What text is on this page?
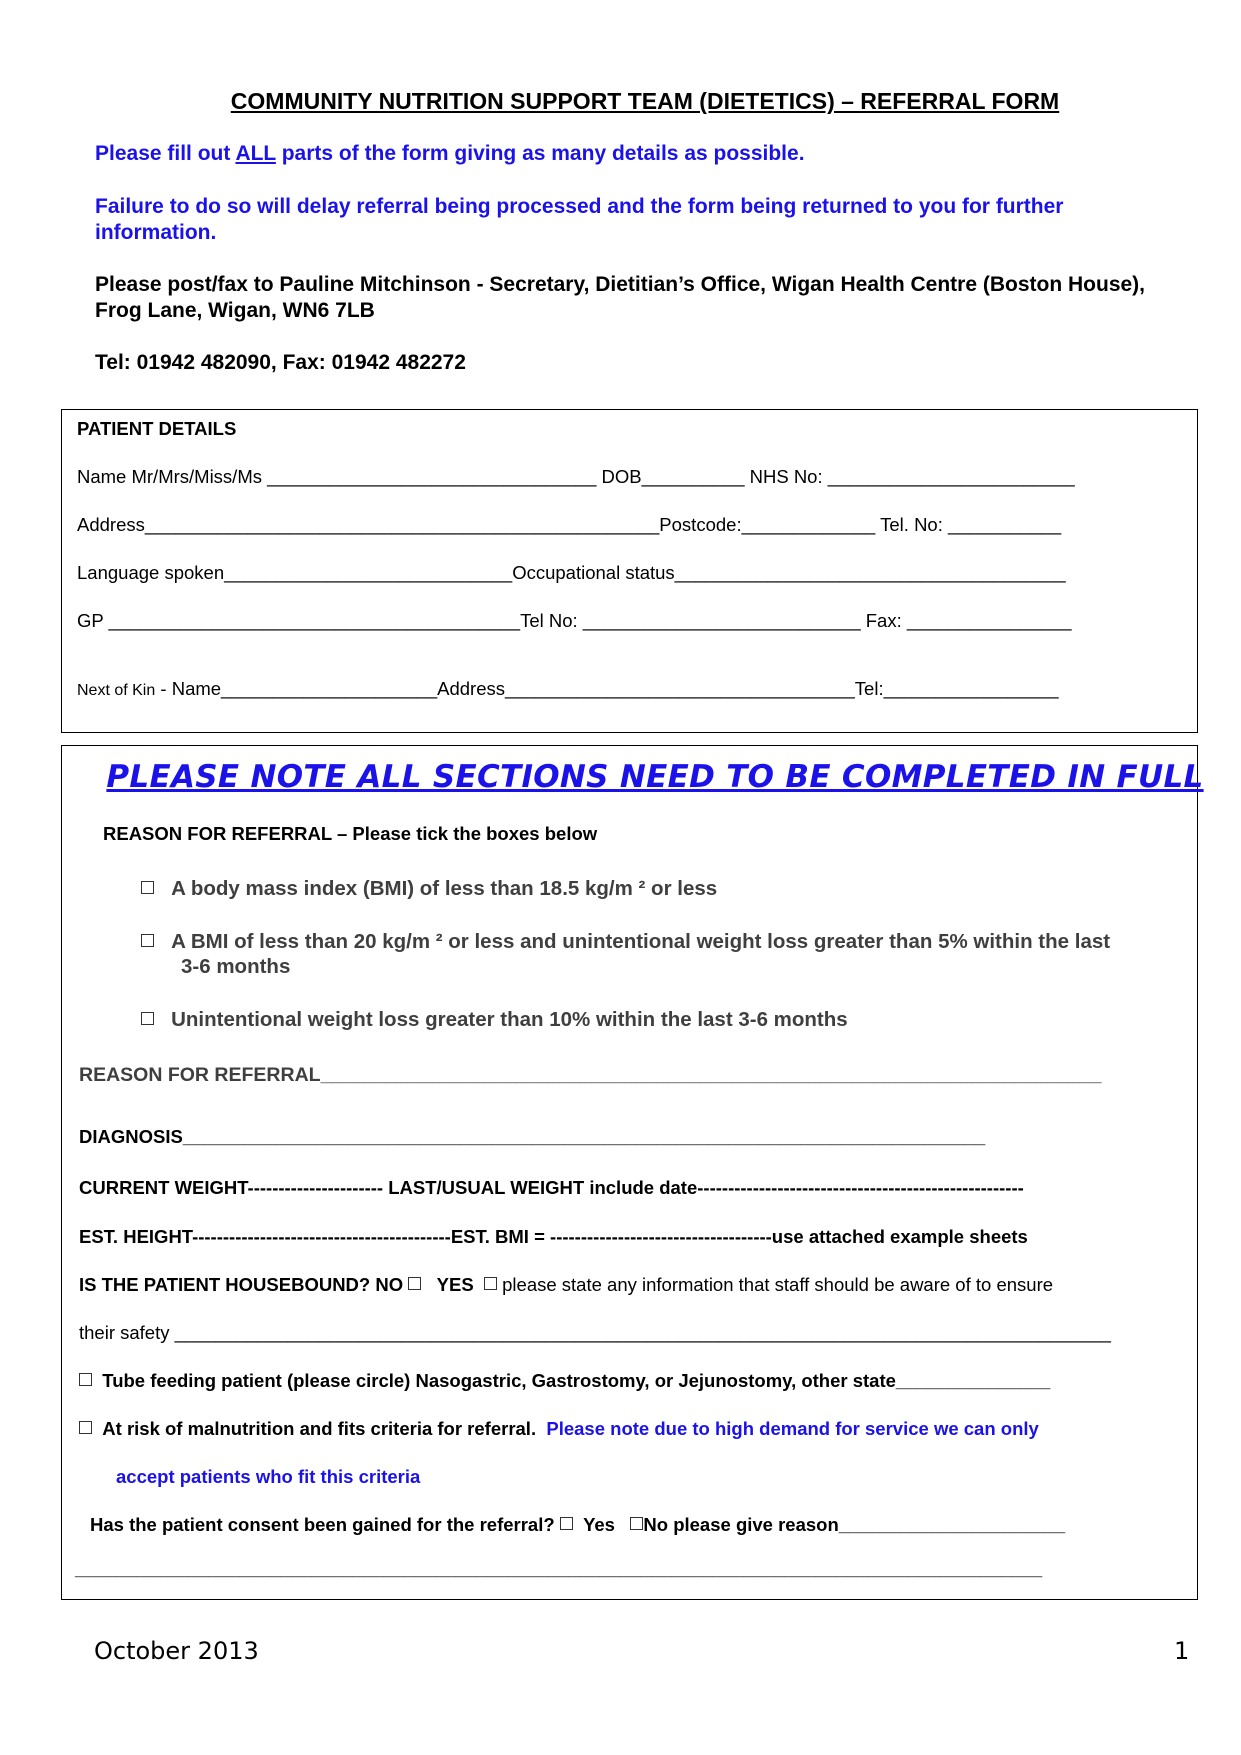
COMMUNITY NUTRITION SUPPORT TEAM (DIETETICS) – REFERRAL FORM
Please fill out ALL parts of the form giving as many details as possible.
Failure to do so will delay referral being processed and the form being returned to you for further information.
Please post/fax to Pauline Mitchinson - Secretary, Dietitian’s Office, Wigan Health Centre (Boston House), Frog Lane, Wigan, WN6 7LB
Tel: 01942 482090, Fax: 01942 482272
PATIENT DETAILS
Name Mr/Mrs/Miss/Ms ________________________________ DOB__________ NHS No: ________________________
Address__________________________________________________Postcode:_____________ Tel. No: ___________
Language spoken____________________________Occupational status______________________________________
GP ________________________________________Tel No: ___________________________ Fax: ________________
Next of Kin - Name_____________________Address__________________________________Tel:_________________
PLEASE NOTE ALL SECTIONS NEED TO BE COMPLETED IN FULL
REASON FOR REFERRAL – Please tick the boxes below
A body mass index (BMI) of less than 18.5 kg/m ² or less
A BMI of less than 20 kg/m ² or less and unintentional weight loss greater than 5% within the last
3-6 months
Unintentional weight loss greater than 10% within the last 3-6 months
REASON FOR REFERRAL________________________________________________________________________
DIAGNOSIS______________________________________________________________________________
CURRENT WEIGHT---------------------- LAST/USUAL WEIGHT include date-----------------------------------------------------
EST. HEIGHT------------------------------------------EST. BMI = ------------------------------------use attached example sheets
IS THE PATIENT HOUSEBOUND? NO YES please state any information that staff should be aware of to ensure
their safety ___________________________________________________________________________________________
Tube feeding patient (please circle) Nasogastric, Gastrostomy, or Jejunostomy, other state_______________
At risk of malnutrition and fits criteria for referral. Please note due to high demand for service we can only
accept patients who fit this criteria
Has the patient consent been gained for the referral? Yes No please give reason______________________
______________________________________________________________________________________________
October 2013	1
